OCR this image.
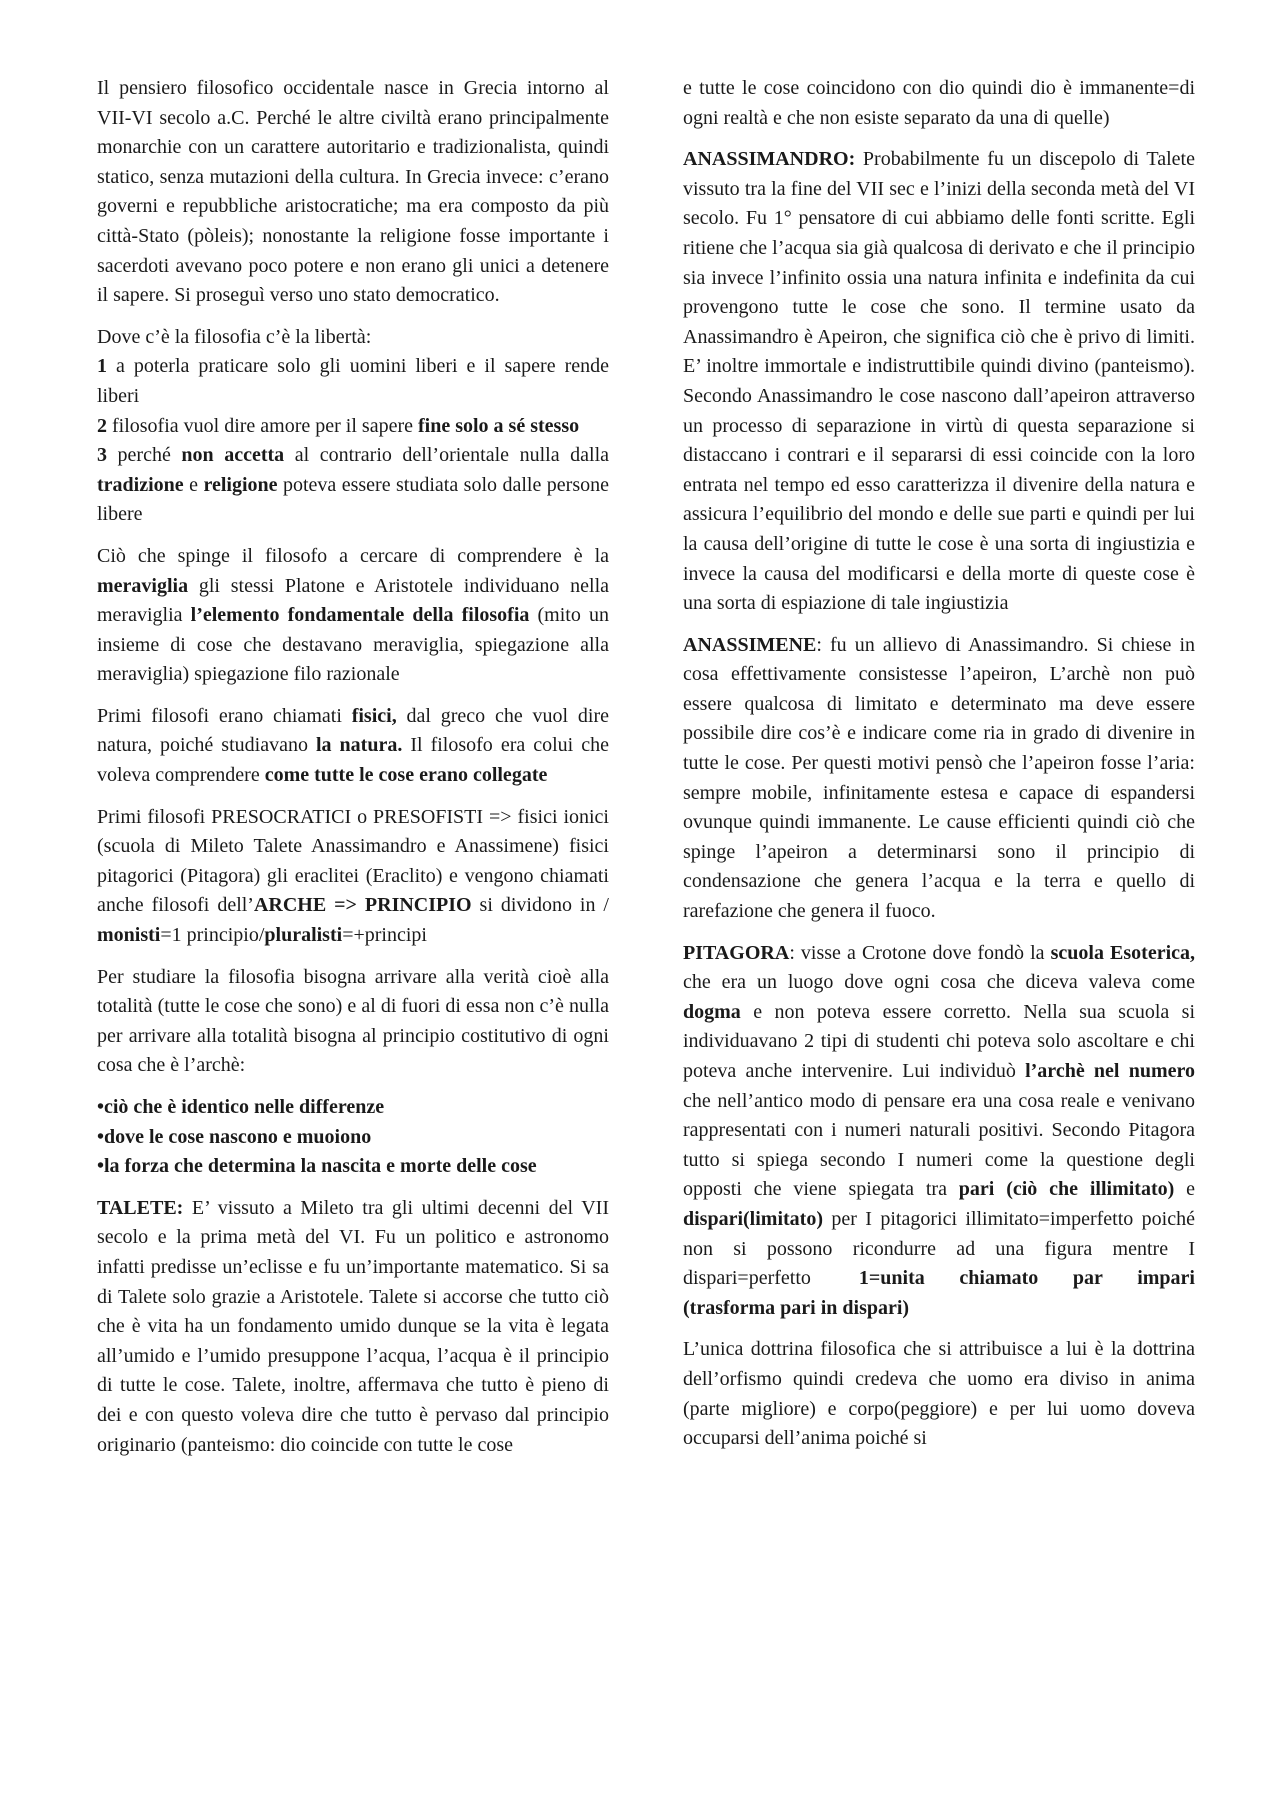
Il pensiero filosofico occidentale nasce in Grecia intorno al VII-VI secolo a.C. Perché le altre civiltà erano principalmente monarchie con un carattere autoritario e tradizionalista, quindi statico, senza mutazioni della cultura. In Grecia invece: c’erano governi e repubbliche aristocratiche; ma era composto da più città-Stato (pòleis); nonostante la religione fosse importante i sacerdoti avevano poco potere e non erano gli unici a detenere il sapere. Si proseguì verso uno stato democratico.

Dove c’è la filosofia c’è la libertà:
1 a poterla praticare solo gli uomini liberi e il sapere rende liberi
2 filosofia vuol dire amore per il sapere fine solo a sé stesso
3 perché non accetta al contrario dell’orientale nulla dalla tradizione e religione poteva essere studiata solo dalle persone libere

Ciò che spinge il filosofo a cercare di comprendere è la meraviglia gli stessi Platone e Aristotele individuano nella meraviglia l’elemento fondamentale della filosofia (mito un insieme di cose che destavano meraviglia, spiegazione alla meraviglia) spiegazione filo razionale

Primi filosofi erano chiamati fisici, dal greco che vuol dire natura, poiché studiavano la natura. Il filosofo era colui che voleva comprendere come tutte le cose erano collegate

Primi filosofi PRESOCRATICI o PRESOFISTI => fisici ionici (scuola di Mileto Talete Anassimandro e Anassimene) fisici pitagorici (Pitagora) gli eraclitei (Eraclito) e vengono chiamati anche filosofi dell’ARCHE => PRINCIPIO si dividono in / monisti=1 principio/pluralisti=+principi

Per studiare la filosofia bisogna arrivare alla verità cioè alla totalità (tutte le cose che sono) e al di fuori di essa non c’è nulla per arrivare alla totalità bisogna al principio costitutivo di ogni cosa che è l’archè:

•ciò che è identico nelle differenze
•dove le cose nascono e muoiono
•la forza che determina la nascita e morte delle cose

TALETE: E’ vissuto a Mileto tra gli ultimi decenni del VII secolo e la prima metà del VI. Fu un politico e astronomo infatti predisse un’eclisse e fu un’importante matematico. Si sa di Talete solo grazie a Aristotele. Talete si accorse che tutto ciò che è vita ha un fondamento umido dunque se la vita è legata all’umido e l’umido presuppone l’acqua, l’acqua è il principio di tutte le cose. Talete, inoltre, affermava che tutto è pieno di dei e con questo voleva dire che tutto è pervaso dal principio originario (panteismo: dio coincide con tutte le cose

e tutte le cose coincidono con dio quindi dio è immanente=di ogni realtà e che non esiste separato da una di quelle)

ANASSIMANDRO: Probabilmente fu un discepolo di Talete vissuto tra la fine del VII sec e l’inizi della seconda metà del VI secolo. Fu 1° pensatore di cui abbiamo delle fonti scritte. Egli ritiene che l’acqua sia già qualcosa di derivato e che il principio sia invece l’infinito ossia una natura infinita e indefinita da cui provengono tutte le cose che sono. Il termine usato da Anassimandro è Apeiron, che significa ciò che è privo di limiti. E’ inoltre immortale e indistruttibile quindi divino (panteismo). Secondo Anassimandro le cose nascono dall’apeiron attraverso un processo di separazione in virtù di questa separazione si distaccano i contrari e il separarsi di essi coincide con la loro entrata nel tempo ed esso caratterizza il divenire della natura e assicura l’equilibrio del mondo e delle sue parti e quindi per lui la causa dell’origine di tutte le cose è una sorta di ingiustizia e invece la causa del modificarsi e della morte di queste cose è una sorta di espiazione di tale ingiustizia

ANASSIMENE: fu un allievo di Anassimandro. Si chiese in cosa effettivamente consistesse l’apeiron, L’archè non può essere qualcosa di limitato e determinato ma deve essere possibile dire cos’è e indicare come ria in grado di divenire in tutte le cose. Per questi motivi pensò che l’apeiron fosse l’aria: sempre mobile, infinitamente estesa e capace di espandersi ovunque quindi immanente. Le cause efficienti quindi ciò che spinge l’apeiron a determinarsi sono il principio di condensazione che genera l’acqua e la terra e quello di rarefazione che genera il fuoco.

PITAGORA: visse a Crotone dove fondò la scuola Esoterica, che era un luogo dove ogni cosa che diceva valeva come dogma e non poteva essere corretto. Nella sua scuola si individuavano 2 tipi di studenti chi poteva solo ascoltare e chi poteva anche intervenire. Lui individuò l’archè nel numero che nell’antico modo di pensare era una cosa reale e venivano rappresentati con i numeri naturali positivi. Secondo Pitagora tutto si spiega secondo I numeri come la questione degli opposti che viene spiegata tra pari (ciò che illimitato) e dispari(limitato) per I pitagorici illimitato=imperfetto poiché non si possono ricondurre ad una figura mentre I dispari=perfetto 1=unita chiamato par impari (trasforma pari in dispari)

L’unica dottrina filosofica che si attribuisce a lui è la dottrina dell’orfismo quindi credeva che uomo era diviso in anima (parte migliore) e corpo(peggiore) e per lui uomo doveva occuparsi dell’anima poiché si
